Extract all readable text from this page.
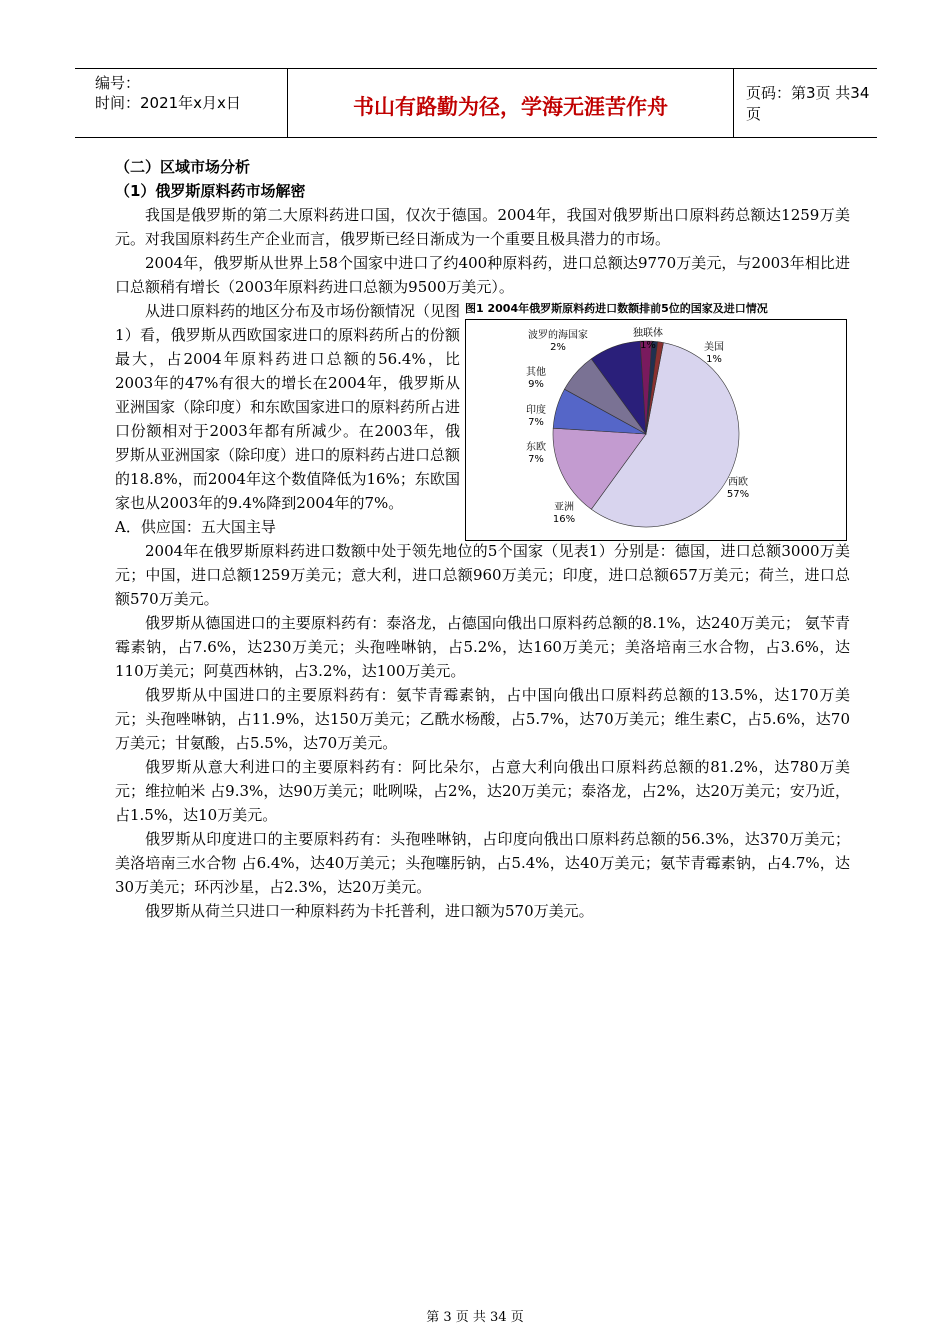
编号：
时间：2021年x月x日	书山有路勤为径，学海无涯苦作舟
页码：第3页 共34页
（二）区域市场分析
（1）俄罗斯原料药市场解密

我国是俄罗斯的第二大原料药进口国，仅次于德国。2004年，我国对俄罗斯出口原料药总额达1259万美元。对我国原料药生产企业而言，俄罗斯已经日渐成为一个重要且极具潜力的市场。

2004年，俄罗斯从世界上58个国家中进口了约400种原料药，进口总额达9770万美元，与2003年相比进口总额稍有增长（2003年原料药进口总额为9500万美元）。

从进口原料药的地区分布及市场份额情况（见图1）看，俄罗斯从西欧国家进口的原料药所占的份额最大，占2004年原料药进口总额的56.4%，比2003年的47%有很大的增长在2004年，俄罗斯从亚洲国家（除印度）和东欧国家进口的原料药所占进口份额相对于2003年都有所减少。在2003年，俄罗斯从亚洲国家（除印度）进口的原料药占进口总额的18.8%，而2004年这个数值降低为16%；东欧国家也从2003年的9.4%降到2004年的7%。

图1 2004年俄罗斯原料药进口数额排前5位的国家及进口情况
西欧
57%
亚洲
16%
东欧
7%
印度
7%
其他
9%
波罗的海国家
2%
独联体
1%	美国
1%

A．供应国：五大国主导

2004年在俄罗斯原料药进口数额中处于领先地位的5个国家（见表1）分别是：德国，进口总额3000万美元；中国，进口总额1259万美元；意大利，进口总额960万美元；印度，进口总额657万美元；荷兰，进口总额570万美元。

俄罗斯从德国进口的主要原料药有：泰洛龙，占德国向俄出口原料药总额的8.1%，达240万美元； 氨苄青霉素钠，占7.6%，达230万美元；头孢唑啉钠，占5.2%，达160万美元；美洛培南三水合物，占3.6%，达110万美元；阿莫西林钠，占3.2%，达100万美元。

俄罗斯从中国进口的主要原料药有：氨苄青霉素钠，占中国向俄出口原料药总额的13.5%，达170万美元；头孢唑啉钠，占11.9%，达150万美元；乙酰水杨酸，占5.7%，达70万美元；维生素C，占5.6%，达70万美元；甘氨酸，占5.5%，达70万美元。

俄罗斯从意大利进口的主要原料药有：阿比朵尔，占意大利向俄出口原料药总额的81.2%，达780万美元；维拉帕米 占9.3%，达90万美元；吡咧哚，占2%，达20万美元；泰洛龙，占2%，达20万美元；安乃近，占1.5%，达10万美元。

俄罗斯从印度进口的主要原料药有：头孢唑啉钠，占印度向俄出口原料药总额的56.3%，达370万美元；美洛培南三水合物 占6.4%，达40万美元；头孢噻肟钠，占5.4%，达40万美元；氨苄青霉素钠，占4.7%，达30万美元；环丙沙星，占2.3%，达20万美元。

俄罗斯从荷兰只进口一种原料药为卡托普利，进口额为570万美元。

第 3 页 共 34 页
